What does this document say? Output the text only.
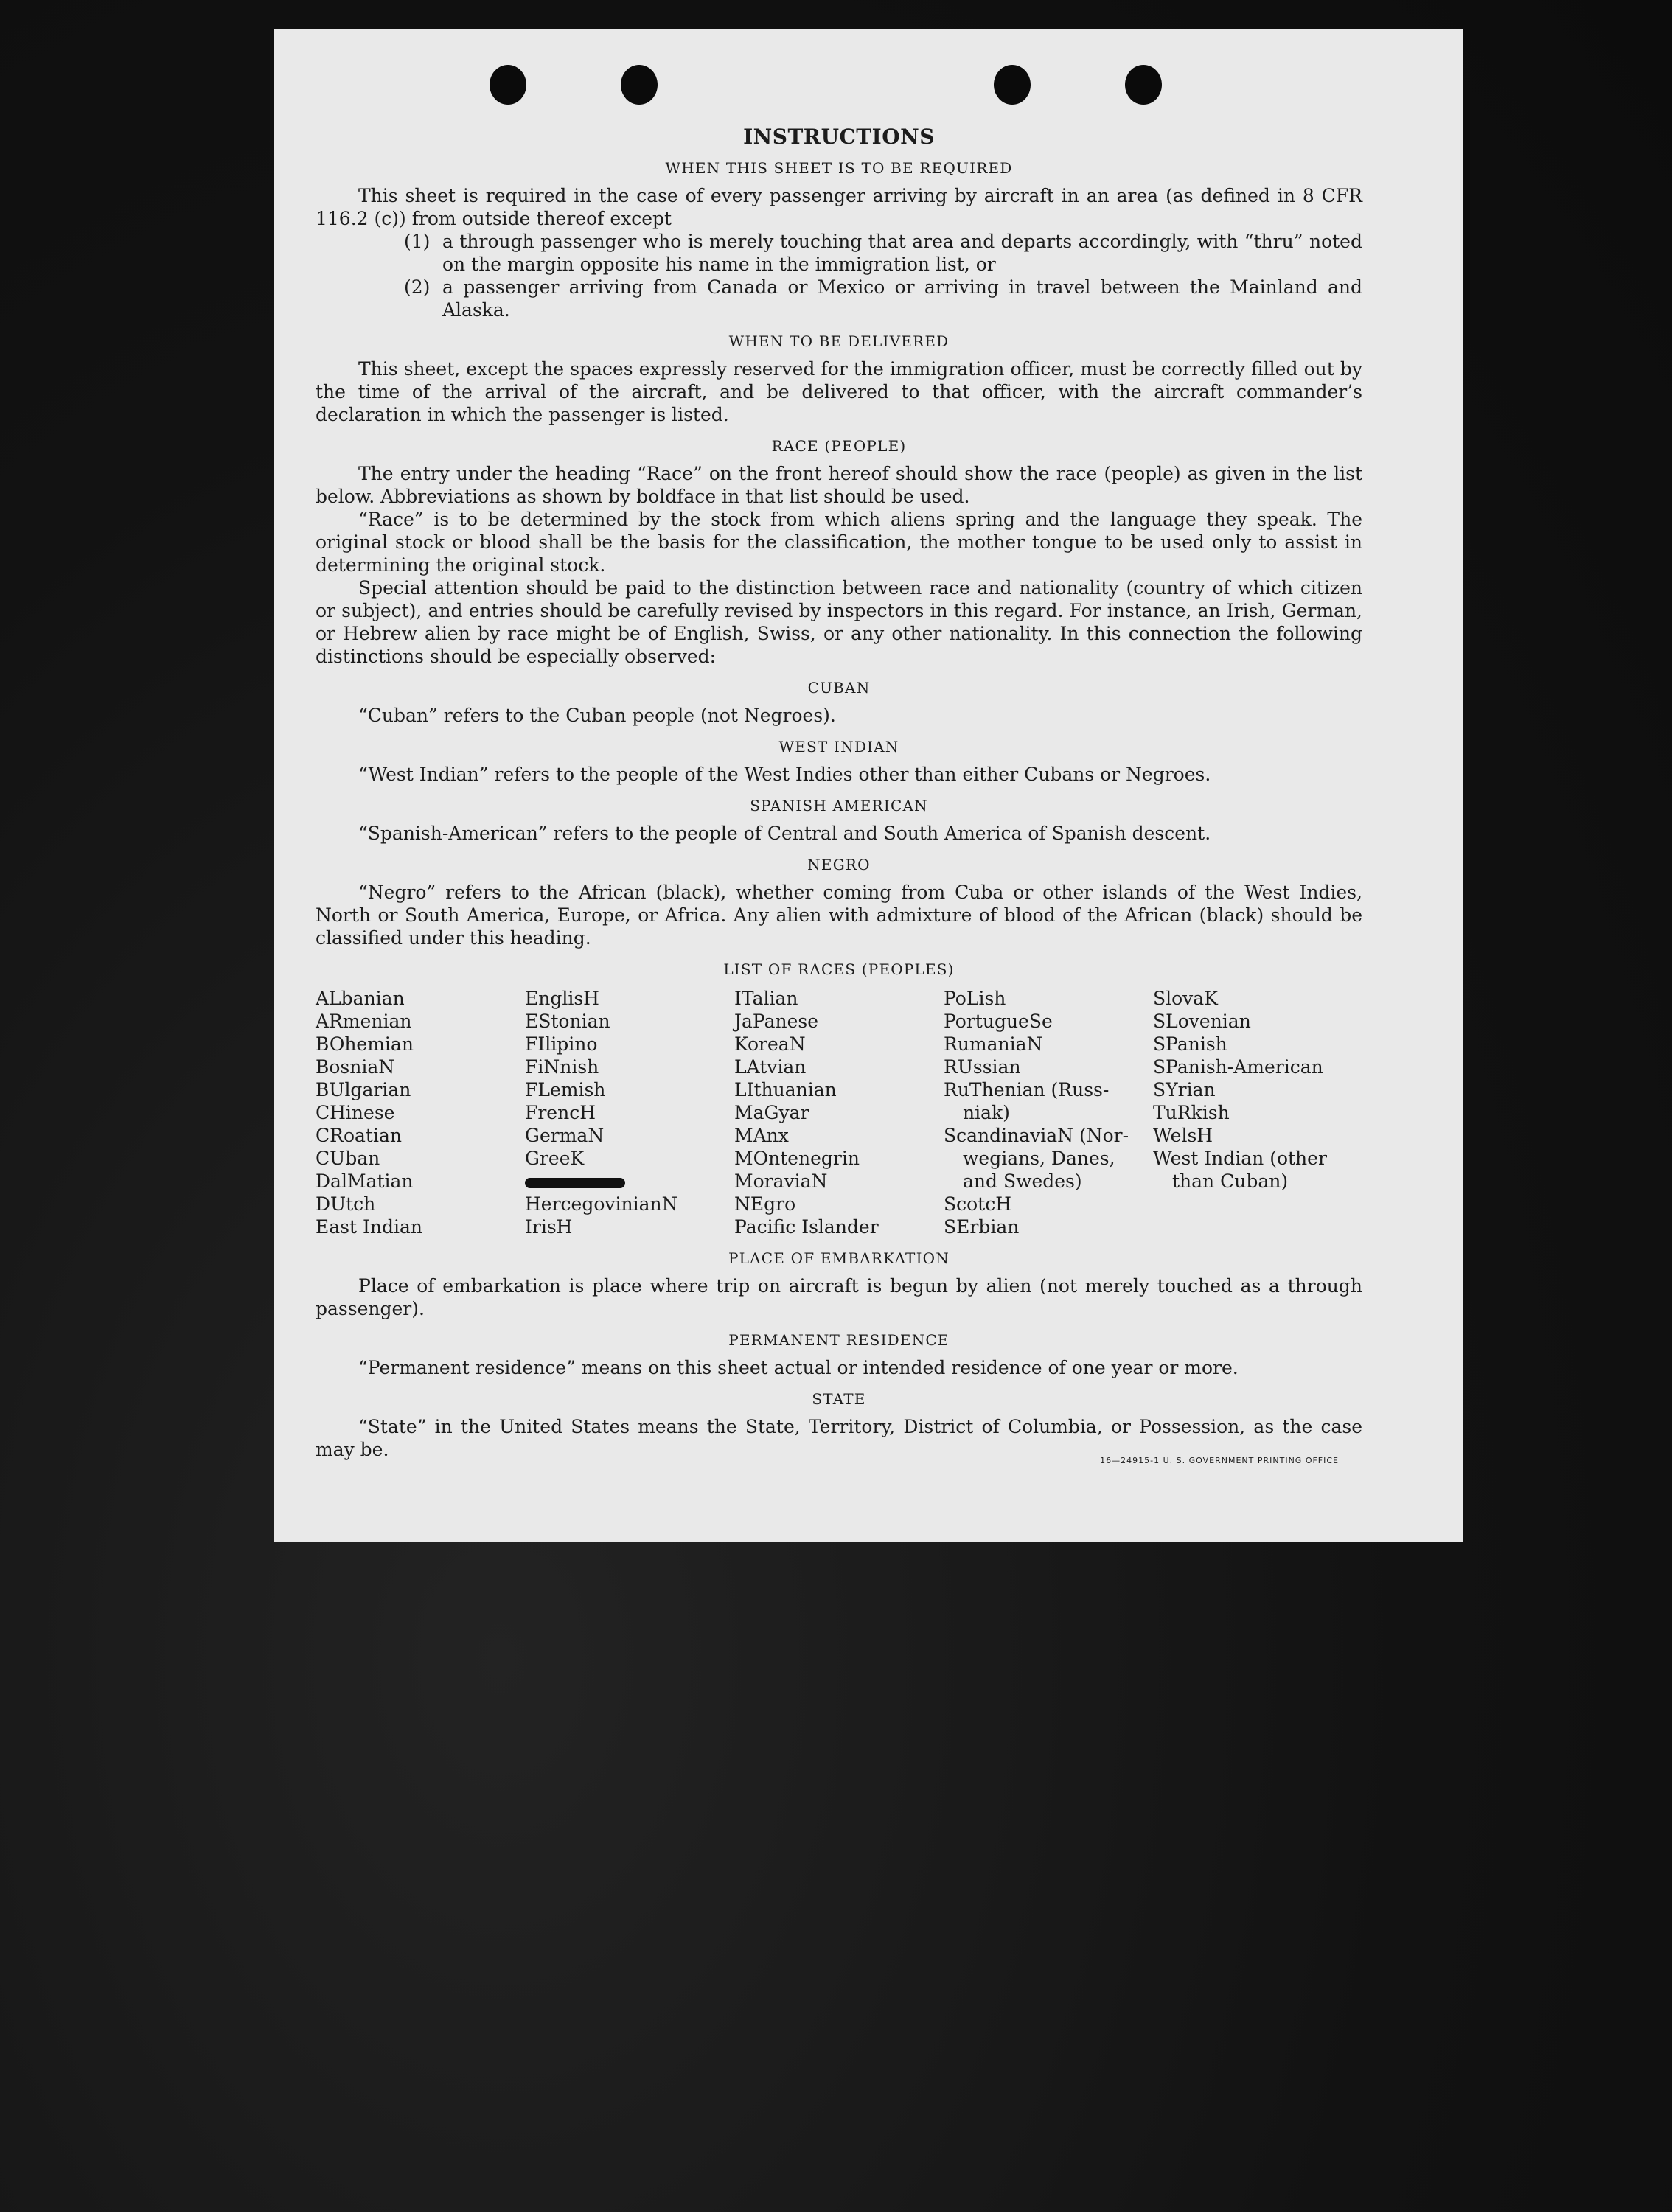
INSTRUCTIONS
WHEN THIS SHEET IS TO BE REQUIRED

This sheet is required in the case of every passenger arriving by aircraft in an area (as defined in 8 CFR 116.2 (c)) from outside thereof except

(1) a through passenger who is merely touching that area and departs accordingly, with “thru” noted on the margin opposite his name in the immigration list, or
(2) a passenger arriving from Canada or Mexico or arriving in travel between the Mainland and Alaska.
WHEN TO BE DELIVERED

This sheet, except the spaces expressly reserved for the immigration officer, must be correctly filled out by the time of the arrival of the aircraft, and be delivered to that officer, with the aircraft commander’s declaration in which the passenger is listed.

RACE (PEOPLE)

The entry under the heading “Race” on the front hereof should show the race (people) as given in the list below. Abbreviations as shown by boldface in that list should be used.

“Race” is to be determined by the stock from which aliens spring and the language they speak. The original stock or blood shall be the basis for the classification, the mother tongue to be used only to assist in determining the original stock.

Special attention should be paid to the distinction between race and nationality (country of which citizen or subject), and entries should be carefully revised by inspectors in this regard. For instance, an Irish, German, or Hebrew alien by race might be of English, Swiss, or any other nationality. In this connection the following distinctions should be especially observed:

CUBAN

“Cuban” refers to the Cuban people (not Negroes).

WEST INDIAN

“West Indian” refers to the people of the West Indies other than either Cubans or Negroes.

SPANISH AMERICAN

“Spanish-American” refers to the people of Central and South America of Spanish descent.

NEGRO

“Negro” refers to the African (black), whether coming from Cuba or other islands of the West Indies, North or South America, Europe, or Africa. Any alien with admixture of blood of the African (black) should be classified under this heading.

LIST OF RACES (PEOPLES)
ALbanian
ARmenian
BOhemian
BosniaN
BUlgarian
CHinese
CRoatian
CUban
DalMatian
DUtch
East Indian
EnglisH
EStonian
FIlipino
FiNnish
FLemish
FrencH
GermaN
GreeK
HercegovinianN
IrisH
ITalian
JaPanese
KoreaN
LAtvian
LIthuanian
MaGyar
MAnx
MOntenegrin
MoraviaN
NEgro
Pacific Islander
PoLish
PortugueSe
RumaniaN
RUssian
RuThenian (Russ-
niak)
ScandinaviaN (Nor-
wegians, Danes,
and Swedes)
ScotcH
SErbian
SlovaK
SLovenian
SPanish
SPanish-American
SYrian
TuRkish
WelsH
West Indian (other
than Cuban)
PLACE OF EMBARKATION

Place of embarkation is place where trip on aircraft is begun by alien (not merely touched as a through passenger).

PERMANENT RESIDENCE

“Permanent residence” means on this sheet actual or intended residence of one year or more.

STATE

“State” in the United States means the State, Territory, District of Columbia, or Possession, as the case may be.

16—24915-1 U. S. GOVERNMENT PRINTING OFFICE
